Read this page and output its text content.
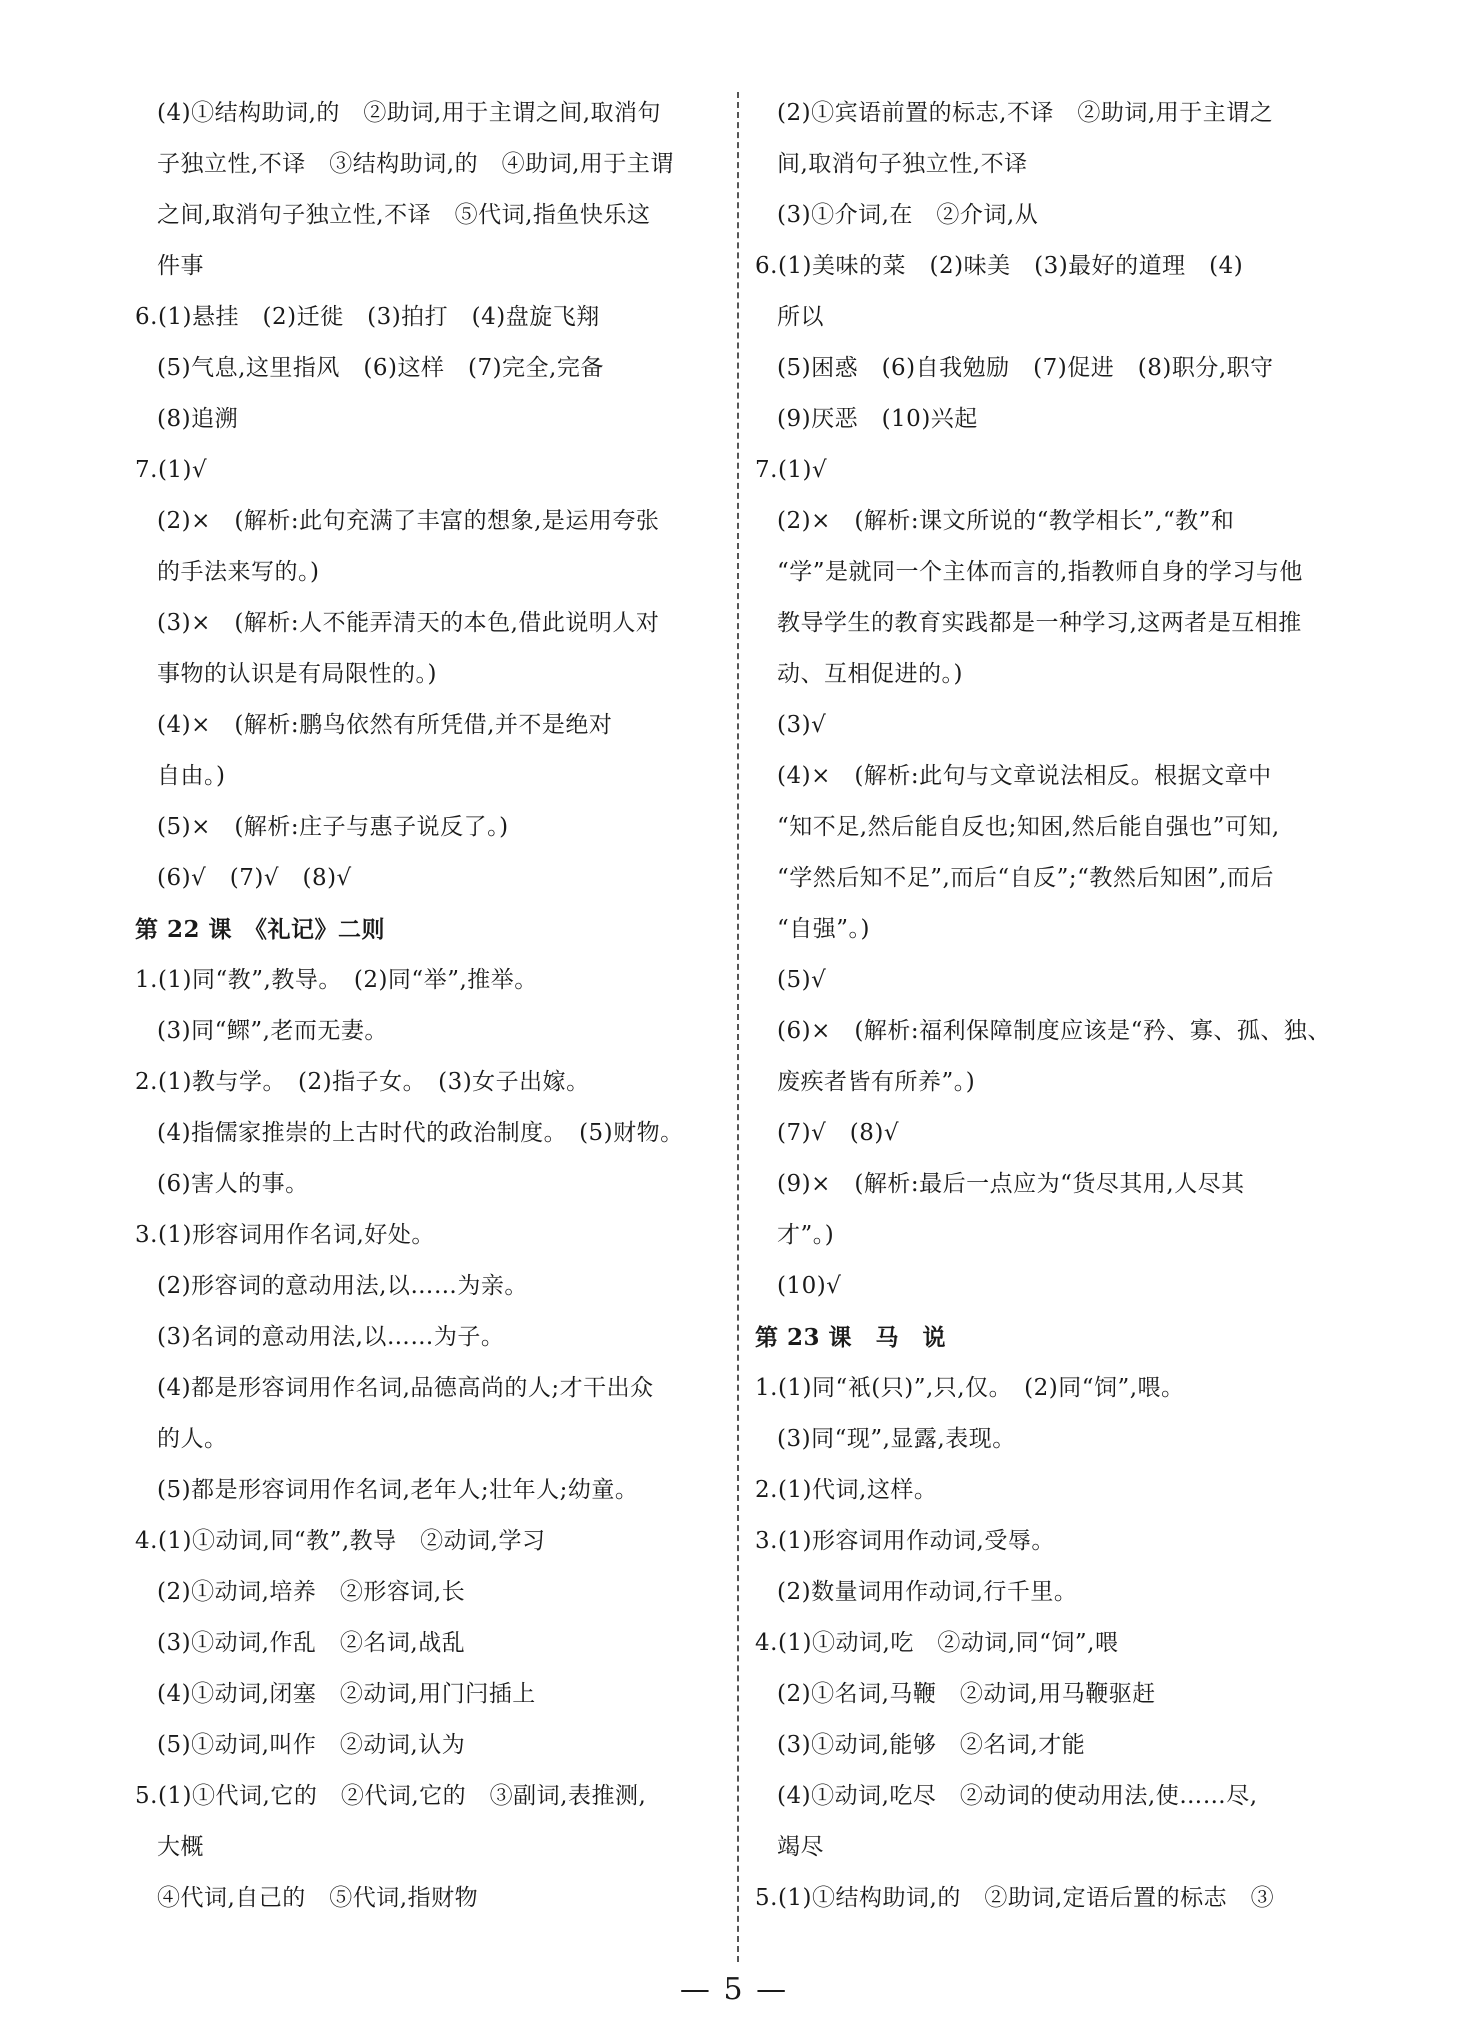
(4)①结构助词,的　②助词,用于主谓之间,取消句
子独立性,不译　③结构助词,的　④助词,用于主谓
之间,取消句子独立性,不译　⑤代词,指鱼快乐这
件事
6.(1)悬挂　(2)迁徙　(3)拍打　(4)盘旋飞翔
(5)气息,这里指风　(6)这样　(7)完全,完备
(8)追溯
7.(1)√
(2)×　(解析:此句充满了丰富的想象,是运用夸张
的手法来写的。)
(3)×　(解析:人不能弄清天的本色,借此说明人对
事物的认识是有局限性的。)
(4)×　(解析:鹏鸟依然有所凭借,并不是绝对
自由。)
(5)×　(解析:庄子与惠子说反了。)
(6)√　(7)√　(8)√
第 22 课　《礼记》二则
1.(1)同“教”,教导。　(2)同“举”,推举。
(3)同“鳏”,老而无妻。
2.(1)教与学。　(2)指子女。　(3)女子出嫁。
(4)指儒家推崇的上古时代的政治制度。　(5)财物。
(6)害人的事。
3.(1)形容词用作名词,好处。
(2)形容词的意动用法,以……为亲。
(3)名词的意动用法,以……为子。
(4)都是形容词用作名词,品德高尚的人;才干出众
的人。
(5)都是形容词用作名词,老年人;壮年人;幼童。
4.(1)①动词,同“教”,教导　②动词,学习
(2)①动词,培养　②形容词,长
(3)①动词,作乱　②名词,战乱
(4)①动词,闭塞　②动词,用门闩插上
(5)①动词,叫作　②动词,认为
5.(1)①代词,它的　②代词,它的　③副词,表推测,
大概
④代词,自己的　⑤代词,指财物
(2)①宾语前置的标志,不译　②助词,用于主谓之
间,取消句子独立性,不译
(3)①介词,在　②介词,从
6.(1)美味的菜　(2)味美　(3)最好的道理　(4)
所以
(5)困惑　(6)自我勉励　(7)促进　(8)职分,职守
(9)厌恶　(10)兴起
7.(1)√
(2)×　(解析:课文所说的“教学相长”,“教”和
“学”是就同一个主体而言的,指教师自身的学习与他
教导学生的教育实践都是一种学习,这两者是互相推
动、互相促进的。)
(3)√
(4)×　(解析:此句与文章说法相反。根据文章中
“知不足,然后能自反也;知困,然后能自强也”可知,
“学然后知不足”,而后“自反”;“教然后知困”,而后
“自强”。)
(5)√
(6)×　(解析:福利保障制度应该是“矜、寡、孤、独、
废疾者皆有所养”。)
(7)√　(8)√
(9)×　(解析:最后一点应为“货尽其用,人尽其
才”。)
(10)√
第 23 课　马　说
1.(1)同“衹(只)”,只,仅。　(2)同“饲”,喂。
(3)同“现”,显露,表现。
2.(1)代词,这样。
3.(1)形容词用作动词,受辱。
(2)数量词用作动词,行千里。
4.(1)①动词,吃　②动词,同“饲”,喂
(2)①名词,马鞭　②动词,用马鞭驱赶
(3)①动词,能够　②名词,才能
(4)①动词,吃尽　②动词的使动用法,使……尽,
竭尽
5.(1)①结构助词,的　②助词,定语后置的标志　③
— 5 —
